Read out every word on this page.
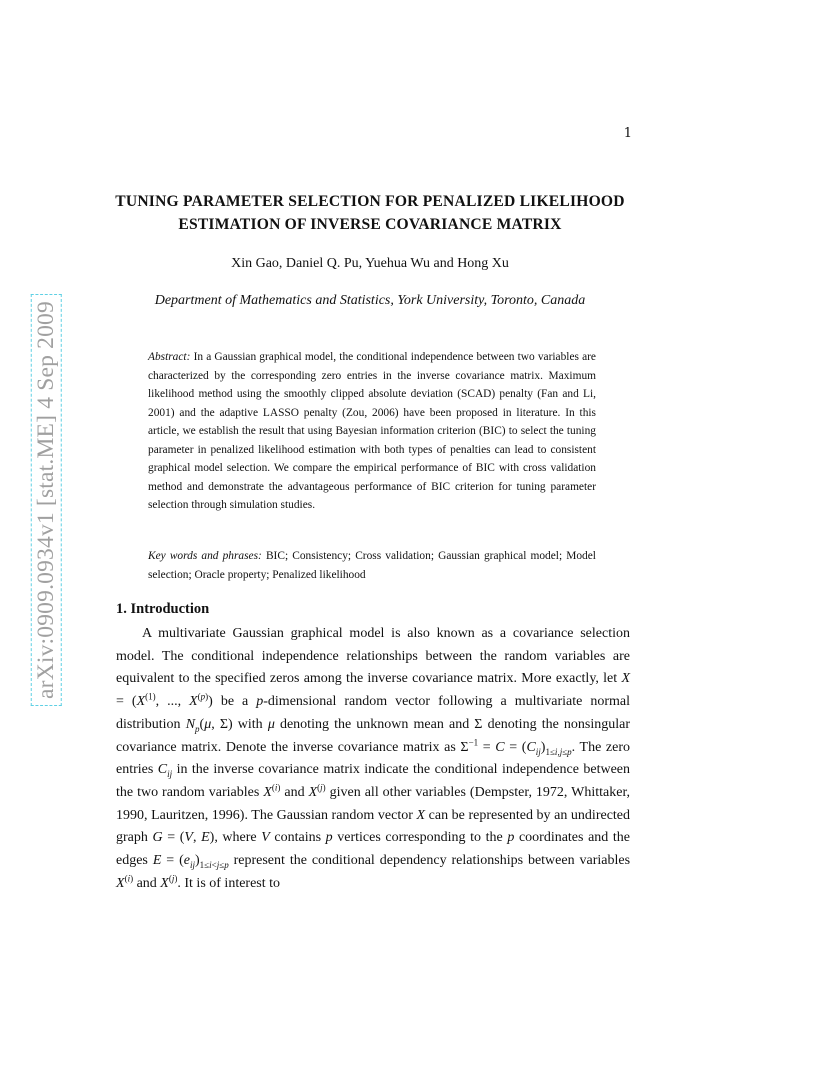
1
arXiv:0909.0934v1 [stat.ME] 4 Sep 2009
TUNING PARAMETER SELECTION FOR PENALIZED LIKELIHOOD
ESTIMATION OF INVERSE COVARIANCE MATRIX
Xin Gao, Daniel Q. Pu, Yuehua Wu and Hong Xu
Department of Mathematics and Statistics, York University, Toronto, Canada
Abstract: In a Gaussian graphical model, the conditional independence between two variables are characterized by the corresponding zero entries in the inverse covariance matrix. Maximum likelihood method using the smoothly clipped absolute deviation (SCAD) penalty (Fan and Li, 2001) and the adaptive LASSO penalty (Zou, 2006) have been proposed in literature. In this article, we establish the result that using Bayesian information criterion (BIC) to select the tuning parameter in penalized likelihood estimation with both types of penalties can lead to consistent graphical model selection. We compare the empirical performance of BIC with cross validation method and demonstrate the advantageous performance of BIC criterion for tuning parameter selection through simulation studies.
Key words and phrases: BIC; Consistency; Cross validation; Gaussian graphical model; Model selection; Oracle property; Penalized likelihood
1. Introduction
A multivariate Gaussian graphical model is also known as a covariance selection model. The conditional independence relationships between the random variables are equivalent to the specified zeros among the inverse covariance matrix. More exactly, let $X = (X^{(1)}$, ..., $X^{(p)}$) be a p-dimensional random vector following a multivariate normal distribution $N_p(\mu$, Σ) with μ denoting the unknown mean and Σ denoting the nonsingular covariance matrix. Denote the inverse covariance matrix as $\Sigma^{-1} = C = (C_{ij})_{1\le i,j\le p}$. The zero entries $C_{ij}$ in the inverse covariance matrix indicate the conditional independence between the two random variables $X^{(i)}$ and $X^{(j)}$ given all other variables (Dempster, 1972, Whittaker, 1990, Lauritzen, 1996). The Gaussian random vector X can be represented by an undirected graph G = (V, E), where V contains p vertices corresponding to the p coordinates and the edges $E = (e_{ij})_{1\le i<j\le p}$ represent the conditional dependency relationships between variables $X^{(i)}$ and $X^{(j)}$. It is of interest to
